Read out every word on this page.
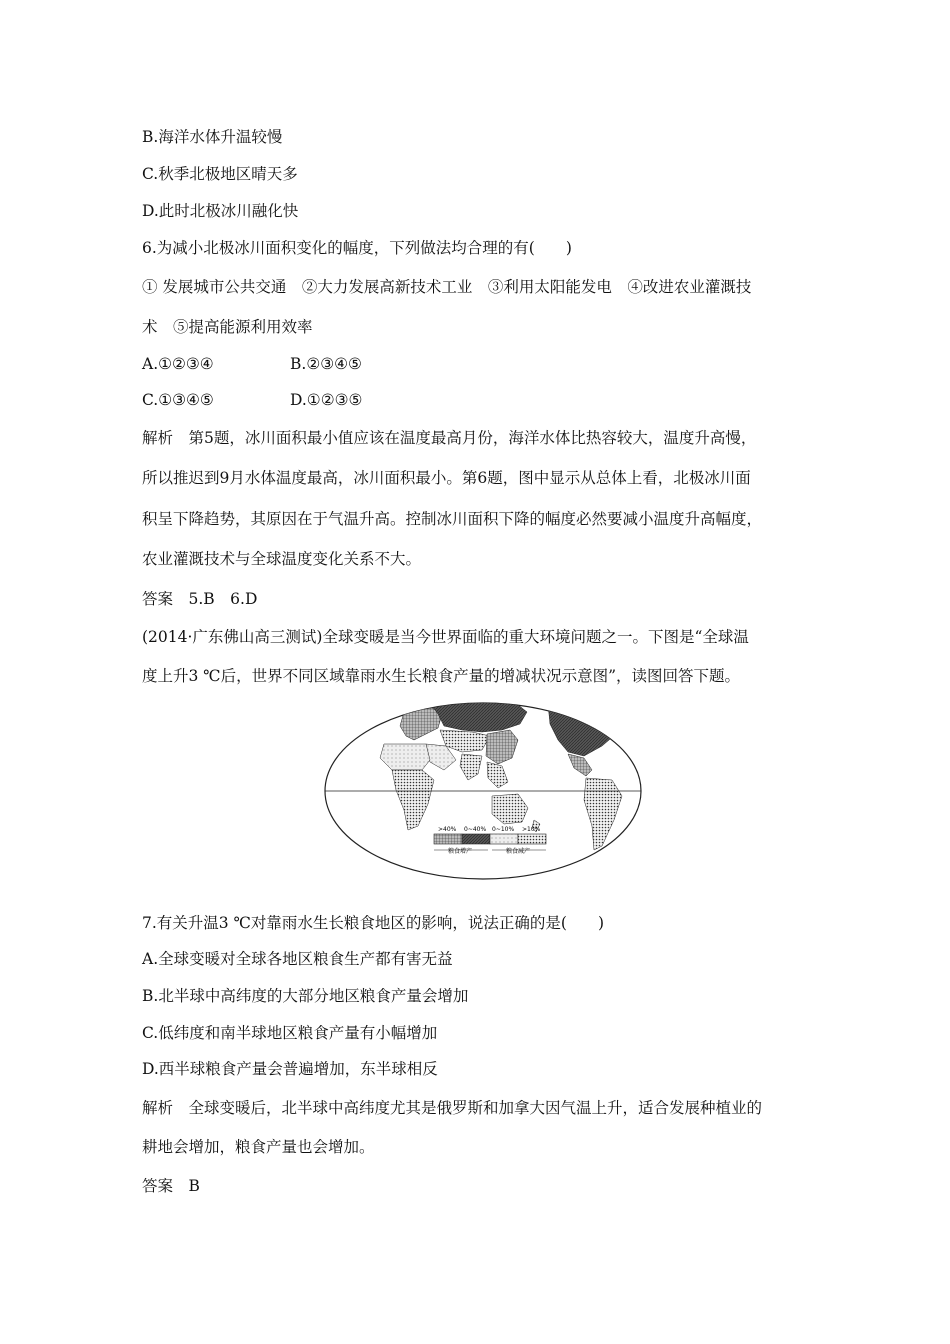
B.海洋水体升温较慢
C.秋季北极地区晴天多
D.此时北极冰川融化快
6.为减小北极冰川面积变化的幅度，下列做法均合理的有(　　)
① 发展城市公共交通　②大力发展高新技术工业　③利用太阳能发电　④改进农业灌溉技
术　⑤提高能源利用效率
A.①②③④	B.②③④⑤
C.①③④⑤	D.①②③⑤
解析　第5题，冰川面积最小值应该在温度最高月份，海洋水体比热容较大，温度升高慢，
所以推迟到9月水体温度最高，冰川面积最小。第6题，图中显示从总体上看，北极冰川面
积呈下降趋势，其原因在于气温升高。控制冰川面积下降的幅度必然要减小温度升高幅度，
农业灌溉技术与全球温度变化关系不大。
答案　5.B　6.D
(2014·广东佛山高三测试)全球变暖是当今世界面临的重大环境问题之一。下图是“全球温
度上升3 ℃后，世界不同区域靠雨水生长粮食产量的增减状况示意图”，读图回答下题。
>40% 0~40% 0~10% >10%
粮食增产	粮食减产
7.有关升温3 ℃对靠雨水生长粮食地区的影响，说法正确的是(　　)
A.全球变暖对全球各地区粮食生产都有害无益
B.北半球中高纬度的大部分地区粮食产量会增加
C.低纬度和南半球地区粮食产量有小幅增加
D.西半球粮食产量会普遍增加，东半球相反
解析　全球变暖后，北半球中高纬度尤其是俄罗斯和加拿大因气温上升，适合发展种植业的
耕地会增加，粮食产量也会增加。
答案　B
